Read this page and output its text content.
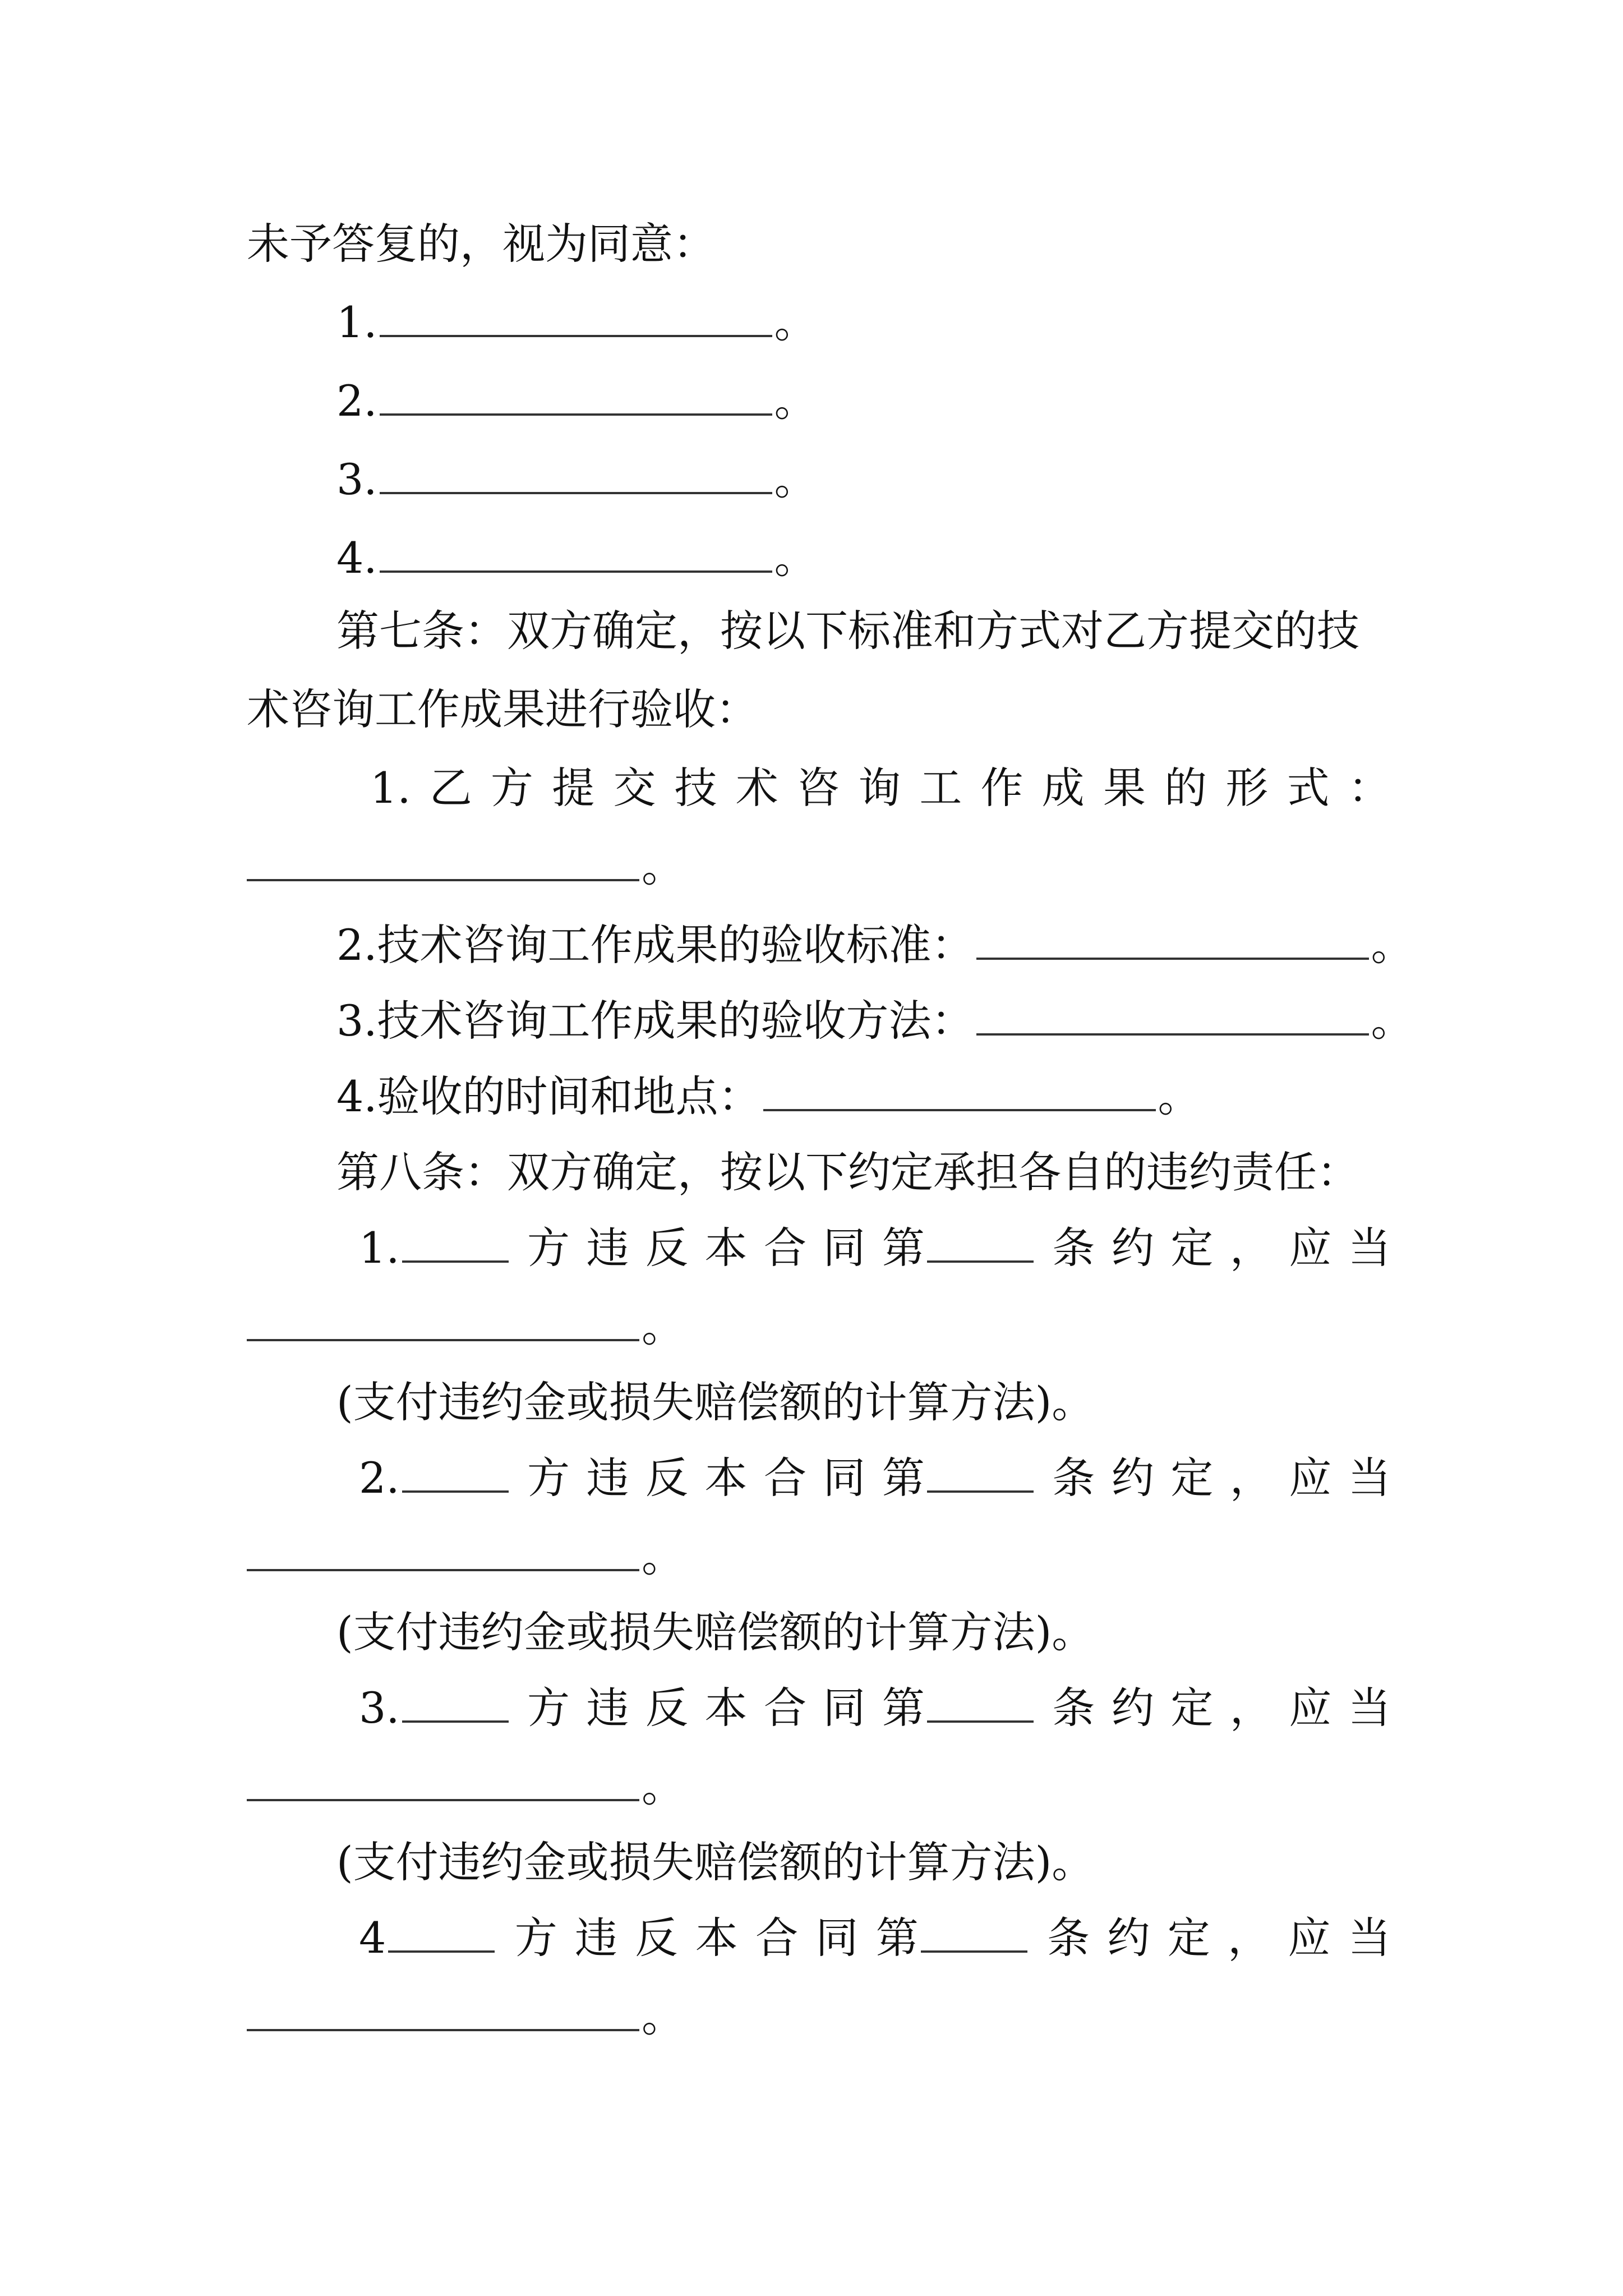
未予答复的，视为同意：
1.	。
2.	。
3.	。
4.	。
第七条：双方确定，按以下标准和方式对乙方提交的技
术咨询工作成果进行验收：
1. 乙 方 提 交 技 术 咨 询 工 作 成 果 的 形 式 ：
。
2.技术咨询工作成果的验收标准：	。
3.技术咨询工作成果的验收方法：	。
4.验收的时间和地点：	。
第八条：双方确定，按以下约定承担各自的违约责任：
1.	方 违 反 本 合 同 第	条 约 定 ， 应 当
。
(支付违约金或损失赔偿额的计算方法)。
2.	方 违 反 本 合 同 第	条 约 定 ， 应 当
。
(支付违约金或损失赔偿额的计算方法)。
3.	方 违 反 本 合 同 第	条 约 定 ， 应 当
。
(支付违约金或损失赔偿额的计算方法)。
4	方 违 反 本 合 同 第	条 约 定 ， 应 当
。
